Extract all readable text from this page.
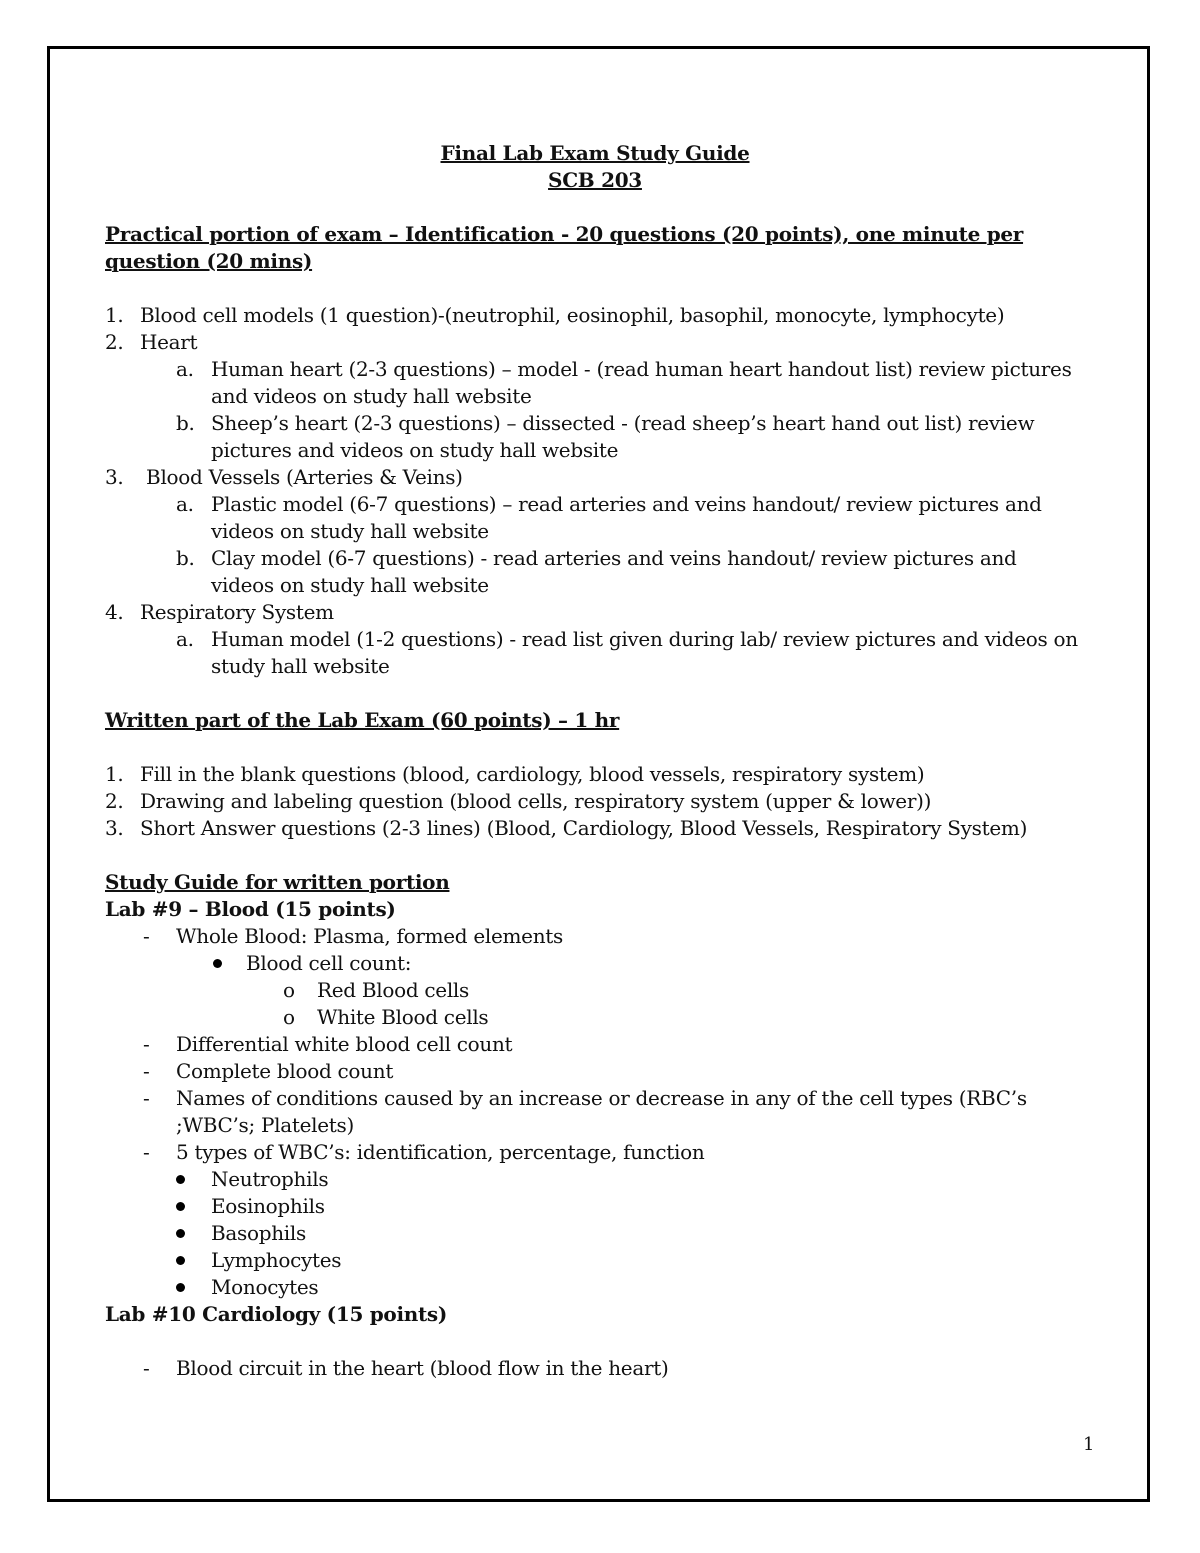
Final Lab Exam Study Guide
SCB 203
Practical portion of exam – Identification - 20 questions (20 points), one minute per question (20 mins)
1. Blood cell models (1 question)-(neutrophil, eosinophil, basophil, monocyte, lymphocyte)
2. Heart
a. Human heart (2-3 questions) – model - (read human heart handout list) review pictures and videos on study hall website
b. Sheep’s heart (2-3 questions) – dissected - (read sheep’s heart hand out list) review pictures and videos on study hall website
3. Blood Vessels (Arteries & Veins)
a. Plastic model (6-7 questions) – read arteries and veins handout/ review pictures and videos on study hall website
b. Clay model (6-7 questions) - read arteries and veins handout/ review pictures and videos on study hall website
4. Respiratory System
a. Human model (1-2 questions) - read list given during lab/ review pictures and videos on study hall website
Written part of the Lab Exam (60 points) – 1 hr
1. Fill in the blank questions (blood, cardiology, blood vessels, respiratory system)
2. Drawing and labeling question (blood cells, respiratory system (upper & lower))
3. Short Answer questions (2-3 lines) (Blood, Cardiology, Blood Vessels, Respiratory System)
Study Guide for written portion
Lab #9 – Blood (15 points)
- Whole Blood: Plasma, formed elements
Blood cell count:
o Red Blood cells
o White Blood cells
- Differential white blood cell count
- Complete blood count
- Names of conditions caused by an increase or decrease in any of the cell types (RBC’s ;WBC’s; Platelets)
- 5 types of WBC’s: identification, percentage, function
Neutrophils
Eosinophils
Basophils
Lymphocytes
Monocytes
Lab #10 Cardiology (15 points)
- Blood circuit in the heart (blood flow in the heart)
1
